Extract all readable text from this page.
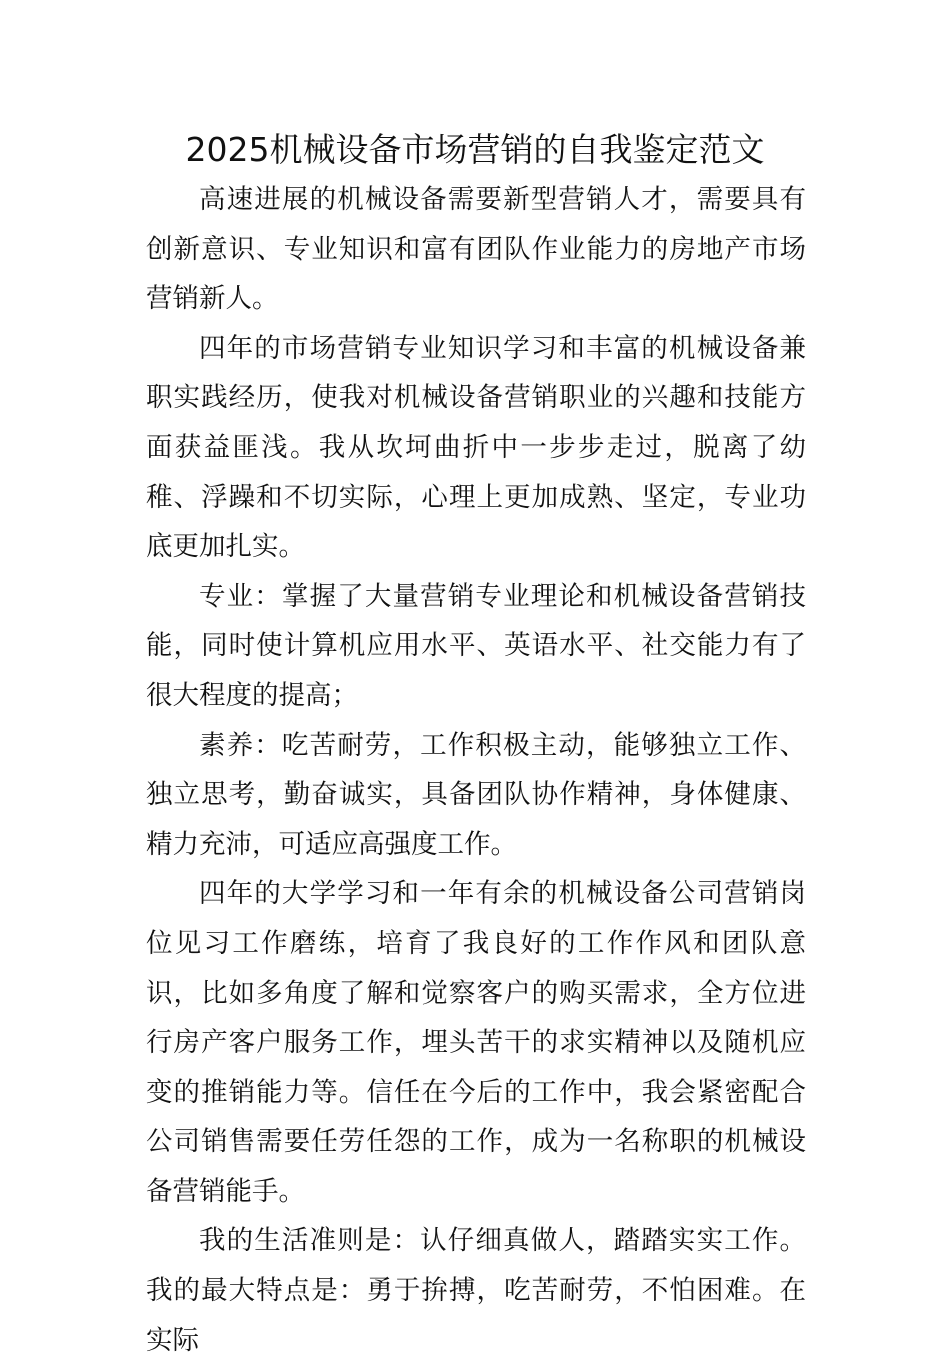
2025机械设备市场营销的自我鉴定范文

高速进展的机械设备需要新型营销人才，需要具有创新意识、专业知识和富有团队作业能力的房地产市场营销新人。

四年的市场营销专业知识学习和丰富的机械设备兼职实践经历，使我对机械设备营销职业的兴趣和技能方面获益匪浅。我从坎坷曲折中一步步走过，脱离了幼稚、浮躁和不切实际，心理上更加成熟、坚定，专业功底更加扎实。

专业：掌握了大量营销专业理论和机械设备营销技能，同时使计算机应用水平、英语水平、社交能力有了很大程度的提高；

素养：吃苦耐劳，工作积极主动，能够独立工作、独立思考，勤奋诚实，具备团队协作精神，身体健康、精力充沛，可适应高强度工作。

四年的大学学习和一年有余的机械设备公司营销岗位见习工作磨练，培育了我良好的工作作风和团队意识，比如多角度了解和觉察客户的购买需求，全方位进行房产客户服务工作，埋头苦干的求实精神以及随机应变的推销能力等。信任在今后的工作中，我会紧密配合公司销售需要任劳任怨的工作，成为一名称职的机械设备营销能手。

我的生活准则是：认仔细真做人，踏踏实实工作。我的最大特点是：勇于拚搏，吃苦耐劳，不怕困难。在实际
